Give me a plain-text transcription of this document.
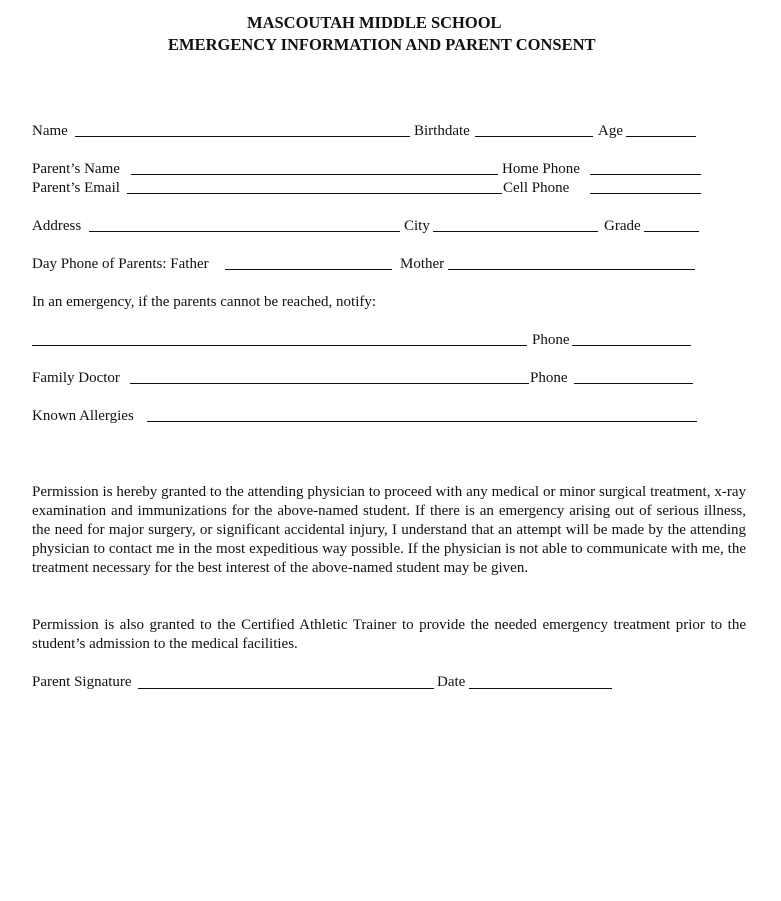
MASCOUTAH MIDDLE SCHOOL
EMERGENCY INFORMATION AND PARENT CONSENT
Name	Birthdate	Age
Parent’s Name	Home Phone
Parent’s Email	Cell Phone
Address	City	Grade
Day Phone of Parents: Father	Mother
In an emergency, if the parents cannot be reached, notify:
Phone
Family Doctor	Phone
Known Allergies

Permission is hereby granted to the attending physician to proceed with any medical or minor surgical treatment, x-ray examination and immunizations for the above-named student. If there is an emergency arising out of serious illness, the need for major surgery, or significant accidental injury, I understand that an attempt will be made by the attending physician to contact me in the most expeditious way possible. If the physician is not able to communicate with me, the treatment necessary for the best interest of the above-named student may be given.

Permission is also granted to the Certified Athletic Trainer to provide the needed emergency treatment prior to the student’s admission to the medical facilities.

Parent Signature	Date
